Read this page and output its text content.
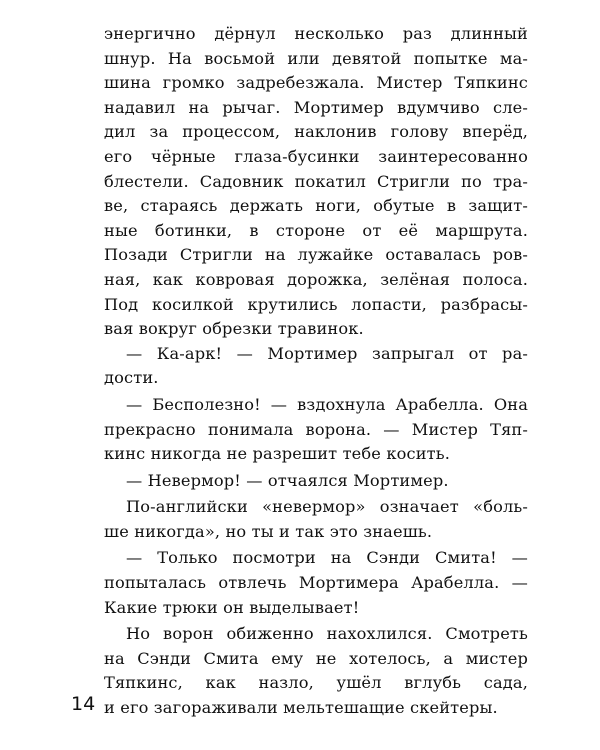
энергично дёрнул несколько раз длинный
шнур. На восьмой или девятой попытке ма-
шина громко задребезжала. Мистер Тяпкинс
надавил на рычаг. Мортимер вдумчиво сле-
дил за процессом, наклонив голову вперёд,
его чёрные глаза-бусинки заинтересованно
блестели. Садовник покатил Стригли по тра-
ве, стараясь держать ноги, обутые в защит-
ные ботинки, в стороне от её маршрута.
Позади Стригли на лужайке оставалась ров-
ная, как ковровая дорожка, зелёная полоса.
Под косилкой крутились лопасти, разбрасы-
вая вокруг обрезки травинок.

— Ка-арк! — Мортимер запрыгал от ра-
дости.

— Бесполезно! — вздохнула Арабелла. Она
прекрасно понимала ворона. — Мистер Тяп-
кинс никогда не разрешит тебе косить.

— Невермор! — отчаялся Мортимер.

По-английски «невермор» означает «боль-
ше никогда», но ты и так это знаешь.

— Только посмотри на Сэнди Смита! —
попыталась отвлечь Мортимера Арабелла. —
Какие трюки он выделывает!

Но ворон обиженно нахохлился. Смотреть
на Сэнди Смита ему не хотелось, а мистер
Тяпкинс, как назло, ушёл вглубь сада,
и его загораживали мельтешащие скейтеры.

14
